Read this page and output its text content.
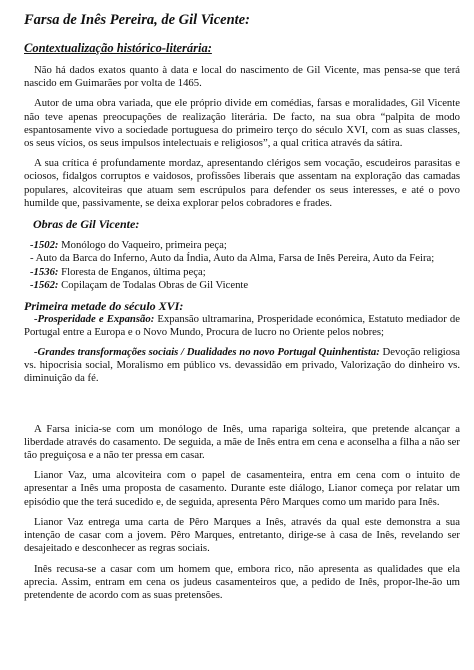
Farsa de Inês Pereira, de Gil Vicente:
Contextualização histórico-literária:

Não há dados exatos quanto à data e local do nascimento de Gil Vicente, mas pensa-se que terá nascido em Guimarães por volta de 1465.

Autor de uma obra variada, que ele próprio divide em comédias, farsas e moralidades, Gil Vicente não teve apenas preocupações de realização literária. De facto, na sua obra “palpita de modo espantosamente vivo a sociedade portuguesa do primeiro terço do século XVI, com as suas classes, os seus vícios, os seus impulsos intelectuais e religiosos”, a qual critica através da sátira.

A sua crítica é profundamente mordaz, apresentando clérigos sem vocação, escudeiros parasitas e ociosos, fidalgos corruptos e vaidosos, profissões liberais que assentam na exploração das camadas populares, alcoviteiras que atuam sem escrúpulos para defender os seus interesses, e até o povo humilde que, passivamente, se deixa explorar pelos cobradores e frades.

Obras de Gil Vicente:
-1502: Monólogo do Vaqueiro, primeira peça;
- Auto da Barca do Inferno, Auto da Índia, Auto da Alma, Farsa de Inês Pereira, Auto da Feira;
-1536: Floresta de Enganos, última peça;
-1562: Copilaçam de Todalas Obras de Gil Vicente
Primeira metade do século XVI:

-Prosperidade e Expansão: Expansão ultramarina, Prosperidade económica, Estatuto mediador de Portugal entre a Europa e o Novo Mundo, Procura de lucro no Oriente pelos nobres;

-Grandes transformações sociais / Dualidades no novo Portugal Quinhentista: Devoção religiosa vs. hipocrisia social, Moralismo em público vs. devassidão em privado, Valorização do dinheiro vs. diminuição da fé.

A Farsa inicia-se com um monólogo de Inês, uma rapariga solteira, que pretende alcançar a liberdade através do casamento. De seguida, a mãe de Inês entra em cena e aconselha a filha a não ser tão preguiçosa e a não ter pressa em casar.

Lianor Vaz, uma alcoviteira com o papel de casamenteira, entra em cena com o intuito de apresentar a Inês uma proposta de casamento. Durante este diálogo, Lianor começa por relatar um episódio que the terá sucedido e, de seguida, apresenta Pêro Marques como um marido para Inês.

Lianor Vaz entrega uma carta de Pêro Marques a Inês, através da qual este demonstra a sua intenção de casar com a jovem. Pêro Marques, entretanto, dirige-se à casa de Inês, revelando ser desajeitado e desconhecer as regras sociais.

Inês recusa-se a casar com um homem que, embora rico, não apresenta as qualidades que ela aprecia. Assim, entram em cena os judeus casamenteiros que, a pedido de Inês, propor-lhe-ão um pretendente de acordo com as suas pretensões.
